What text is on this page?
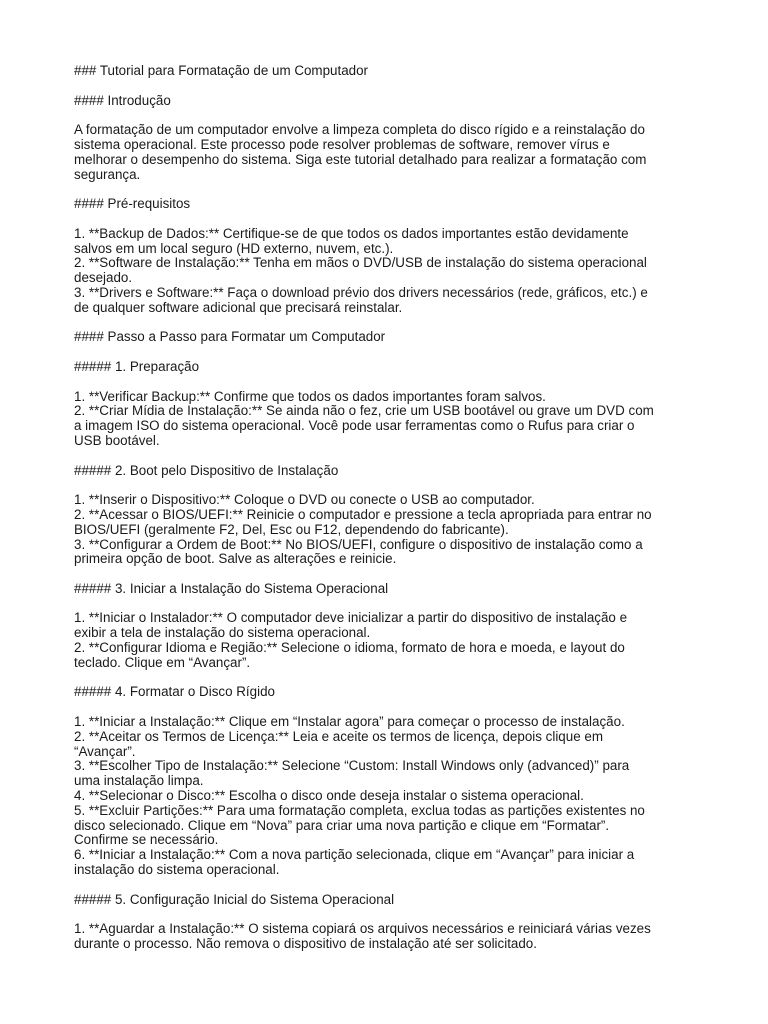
### Tutorial para Formatação de um Computador
#### Introdução
A formatação de um computador envolve a limpeza completa do disco rígido e a reinstalação do
sistema operacional. Este processo pode resolver problemas de software, remover vírus e
melhorar o desempenho do sistema. Siga este tutorial detalhado para realizar a formatação com
segurança.
#### Pré-requisitos
1. **Backup de Dados:** Certifique-se de que todos os dados importantes estão devidamente
salvos em um local seguro (HD externo, nuvem, etc.).
2. **Software de Instalação:** Tenha em mãos o DVD/USB de instalação do sistema operacional
desejado.
3. **Drivers e Software:** Faça o download prévio dos drivers necessários (rede, gráficos, etc.) e
de qualquer software adicional que precisará reinstalar.
#### Passo a Passo para Formatar um Computador
##### 1. Preparação
1. **Verificar Backup:** Confirme que todos os dados importantes foram salvos.
2. **Criar Mídia de Instalação:** Se ainda não o fez, crie um USB bootável ou grave um DVD com
a imagem ISO do sistema operacional. Você pode usar ferramentas como o Rufus para criar o
USB bootável.
##### 2. Boot pelo Dispositivo de Instalação
1. **Inserir o Dispositivo:** Coloque o DVD ou conecte o USB ao computador.
2. **Acessar o BIOS/UEFI:** Reinicie o computador e pressione a tecla apropriada para entrar no
BIOS/UEFI (geralmente F2, Del, Esc ou F12, dependendo do fabricante).
3. **Configurar a Ordem de Boot:** No BIOS/UEFI, configure o dispositivo de instalação como a
primeira opção de boot. Salve as alterações e reinicie.
##### 3. Iniciar a Instalação do Sistema Operacional
1. **Iniciar o Instalador:** O computador deve inicializar a partir do dispositivo de instalação e
exibir a tela de instalação do sistema operacional.
2. **Configurar Idioma e Região:** Selecione o idioma, formato de hora e moeda, e layout do
teclado. Clique em “Avançar”.
##### 4. Formatar o Disco Rígido
1. **Iniciar a Instalação:** Clique em “Instalar agora” para começar o processo de instalação.
2. **Aceitar os Termos de Licença:** Leia e aceite os termos de licença, depois clique em
“Avançar”.
3. **Escolher Tipo de Instalação:** Selecione “Custom: Install Windows only (advanced)” para
uma instalação limpa.
4. **Selecionar o Disco:** Escolha o disco onde deseja instalar o sistema operacional.
5. **Excluir Partições:** Para uma formatação completa, exclua todas as partições existentes no
disco selecionado. Clique em “Nova” para criar uma nova partição e clique em “Formatar”.
Confirme se necessário.
6. **Iniciar a Instalação:** Com a nova partição selecionada, clique em “Avançar” para iniciar a
instalação do sistema operacional.
##### 5. Configuração Inicial do Sistema Operacional
1. **Aguardar a Instalação:** O sistema copiará os arquivos necessários e reiniciará várias vezes
durante o processo. Não remova o dispositivo de instalação até ser solicitado.
